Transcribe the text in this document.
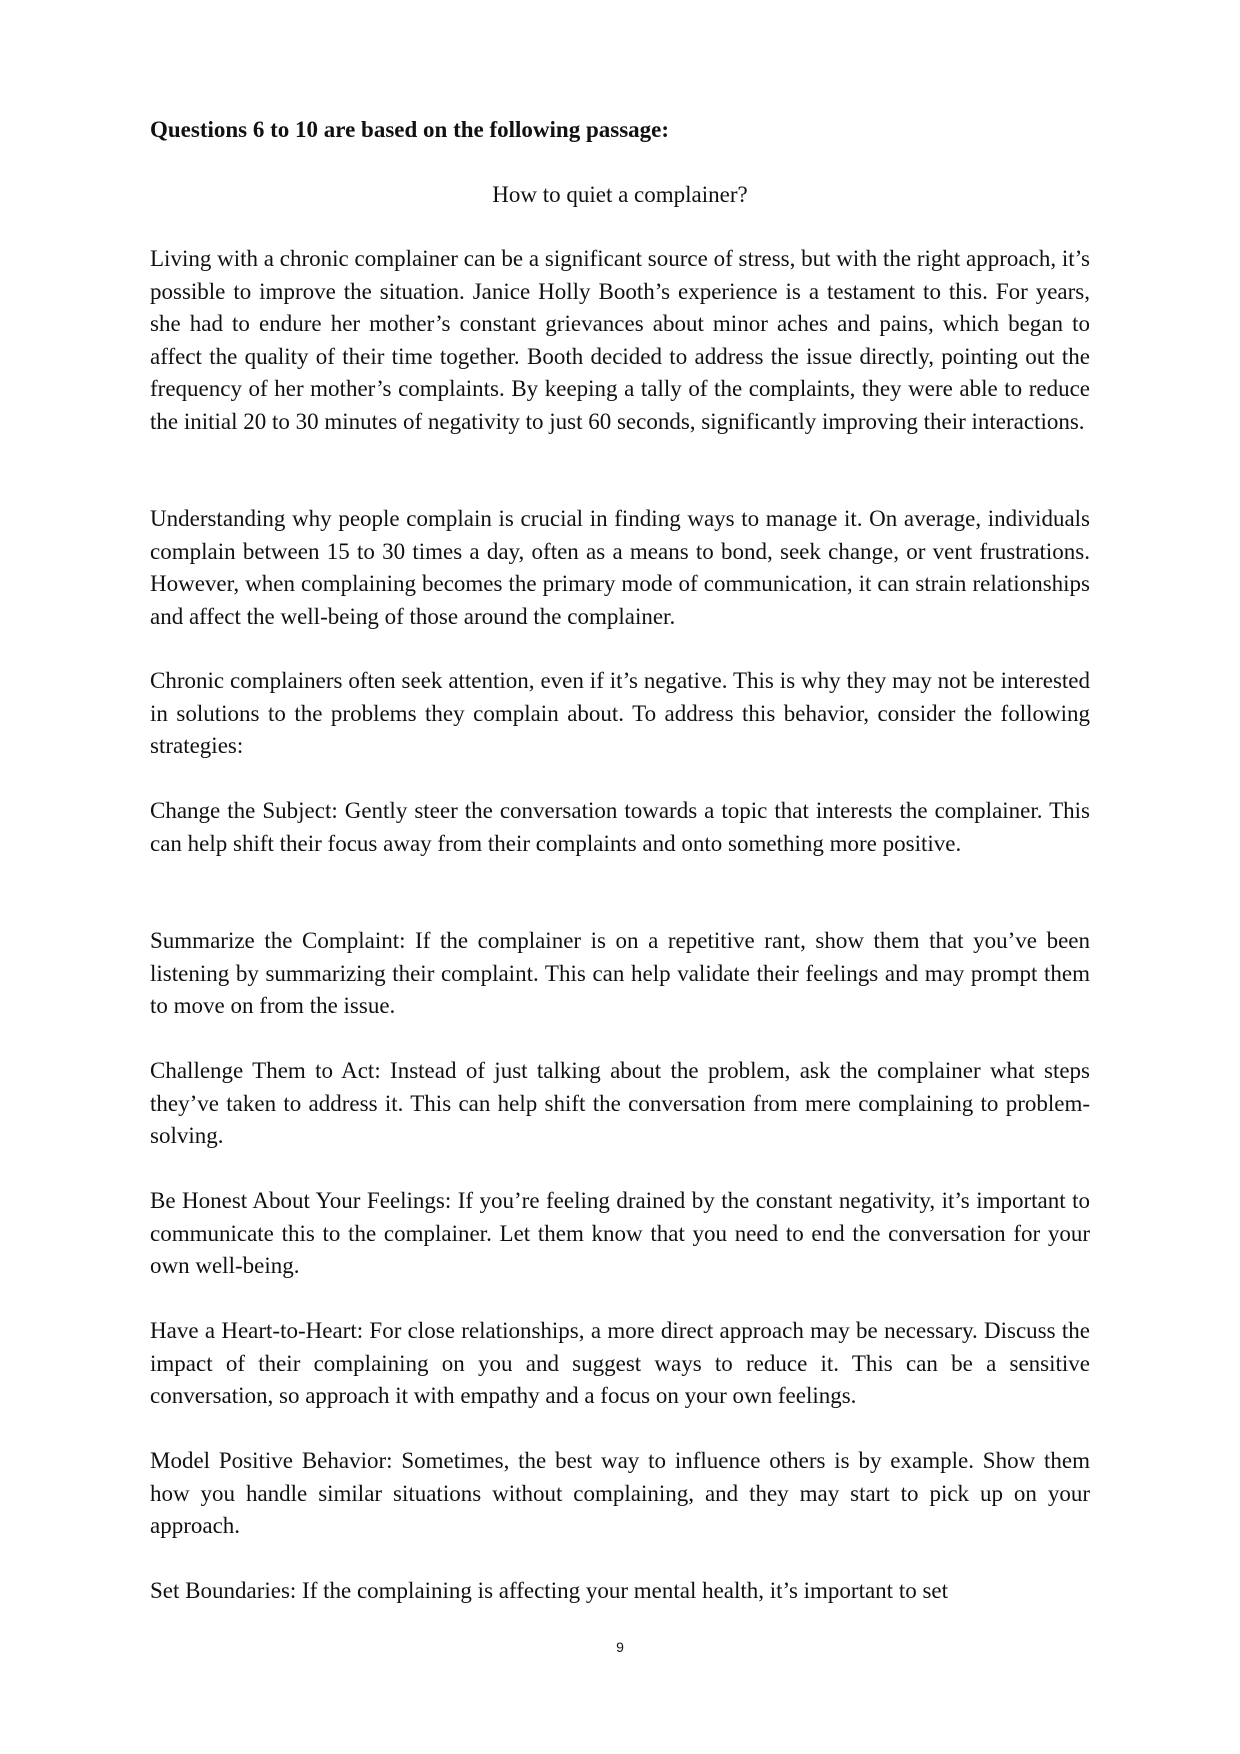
Questions 6 to 10 are based on the following passage:

How to quiet a complainer?

Living with a chronic complainer can be a significant source of stress, but with the right approach, it’s possible to improve the situation. Janice Holly Booth’s experience is a testament to this. For years, she had to endure her mother’s constant grievances about minor aches and pains, which began to affect the quality of their time together. Booth decided to address the issue directly, pointing out the frequency of her mother’s complaints. By keeping a tally of the complaints, they were able to reduce the initial 20 to 30 minutes of negativity to just 60 seconds, significantly improving their interactions.

Understanding why people complain is crucial in finding ways to manage it. On average, individuals complain between 15 to 30 times a day, often as a means to bond, seek change, or vent frustrations. However, when complaining becomes the primary mode of communication, it can strain relationships and affect the well-being of those around the complainer.

Chronic complainers often seek attention, even if it’s negative. This is why they may not be interested in solutions to the problems they complain about. To address this behavior, consider the following strategies:

Change the Subject: Gently steer the conversation towards a topic that interests the complainer. This can help shift their focus away from their complaints and onto something more positive.

Summarize the Complaint: If the complainer is on a repetitive rant, show them that you’ve been listening by summarizing their complaint. This can help validate their feelings and may prompt them to move on from the issue.

Challenge Them to Act: Instead of just talking about the problem, ask the complainer what steps they’ve taken to address it. This can help shift the conversation from mere complaining to problem-solving.

Be Honest About Your Feelings: If you’re feeling drained by the constant negativity, it’s important to communicate this to the complainer. Let them know that you need to end the conversation for your own well-being.

Have a Heart-to-Heart: For close relationships, a more direct approach may be necessary. Discuss the impact of their complaining on you and suggest ways to reduce it. This can be a sensitive conversation, so approach it with empathy and a focus on your own feelings.

Model Positive Behavior: Sometimes, the best way to influence others is by example. Show them how you handle similar situations without complaining, and they may start to pick up on your approach.

Set Boundaries: If the complaining is affecting your mental health, it’s important to set

9
